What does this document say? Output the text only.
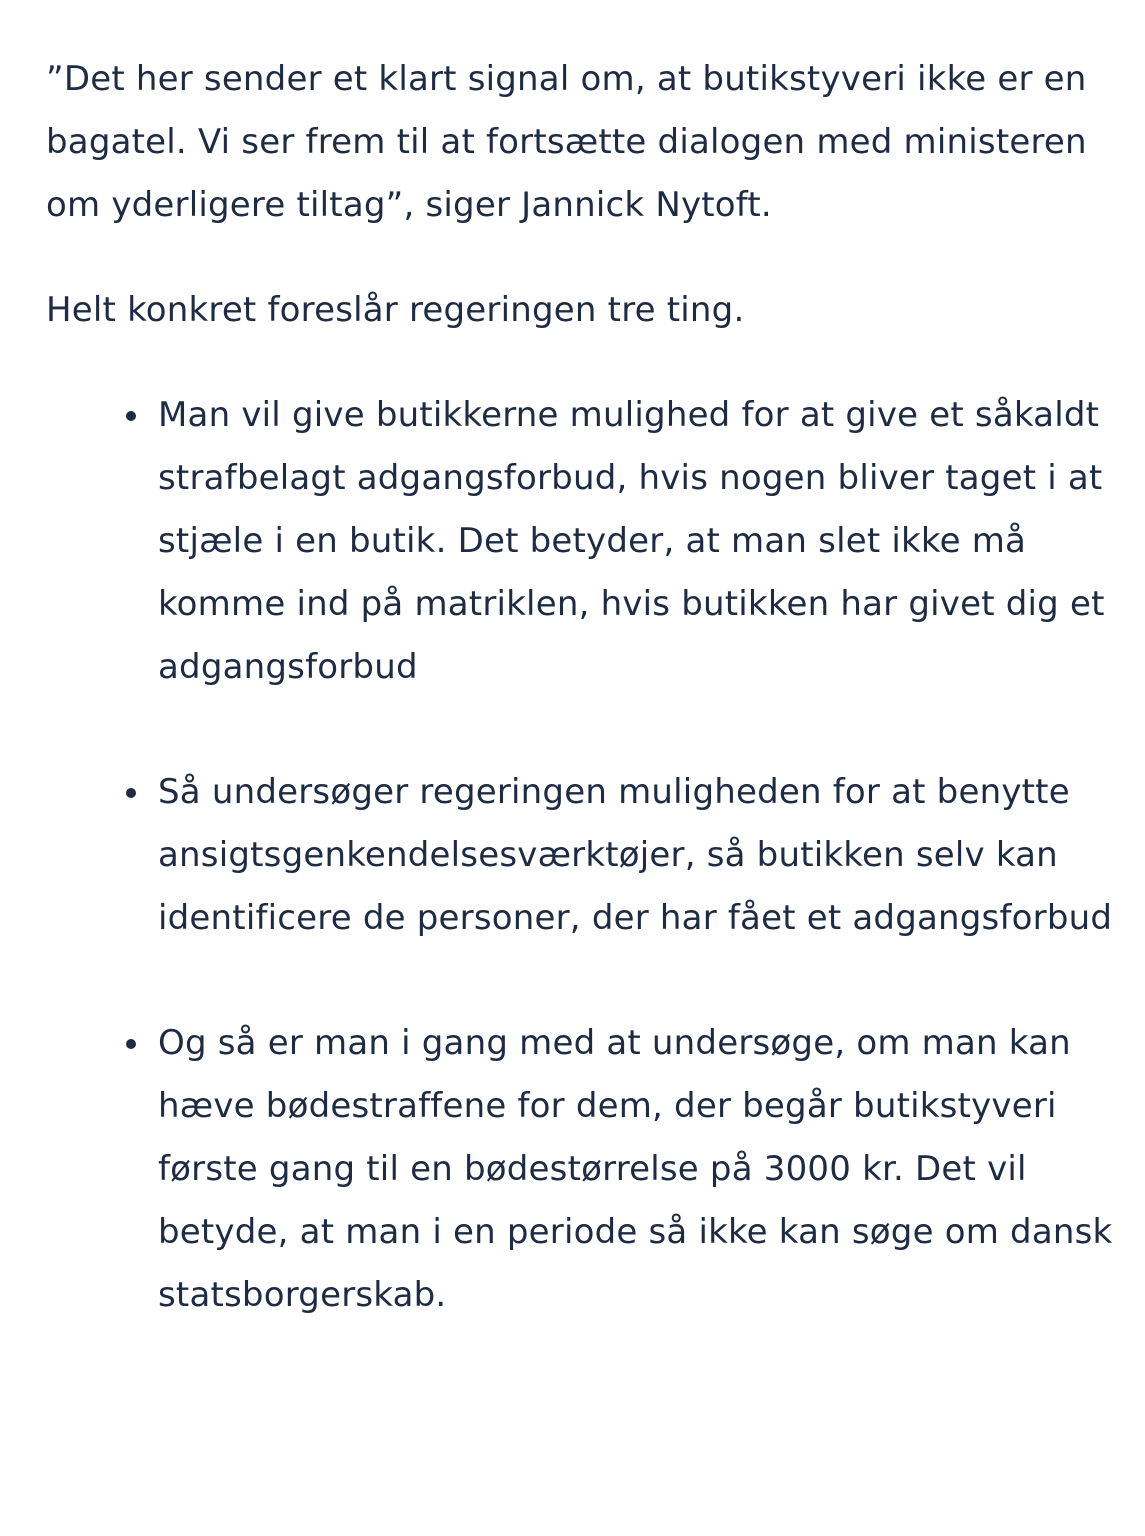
”Det her sender et klart signal om, at butikstyveri ikke er en bagatel. Vi ser frem til at fortsætte dialogen med ministeren om yderligere tiltag”, siger Jannick Nytoft.

Helt konkret foreslår regeringen tre ting.

Man vil give butikkerne mulighed for at give et såkaldt strafbelagt adgangsforbud, hvis nogen bliver taget i at stjæle i en butik. Det betyder, at man slet ikke må komme ind på matriklen, hvis butikken har givet dig et adgangsforbud
Så undersøger regeringen muligheden for at benytte ansigtsgenkendelsesværktøjer, så butikken selv kan identificere de personer, der har fået et adgangsforbud
Og så er man i gang med at undersøge, om man kan hæve bødestraffene for dem, der begår butikstyveri første gang til en bødestørrelse på 3000 kr. Det vil betyde, at man i en periode så ikke kan søge om dansk statsborgerskab.
